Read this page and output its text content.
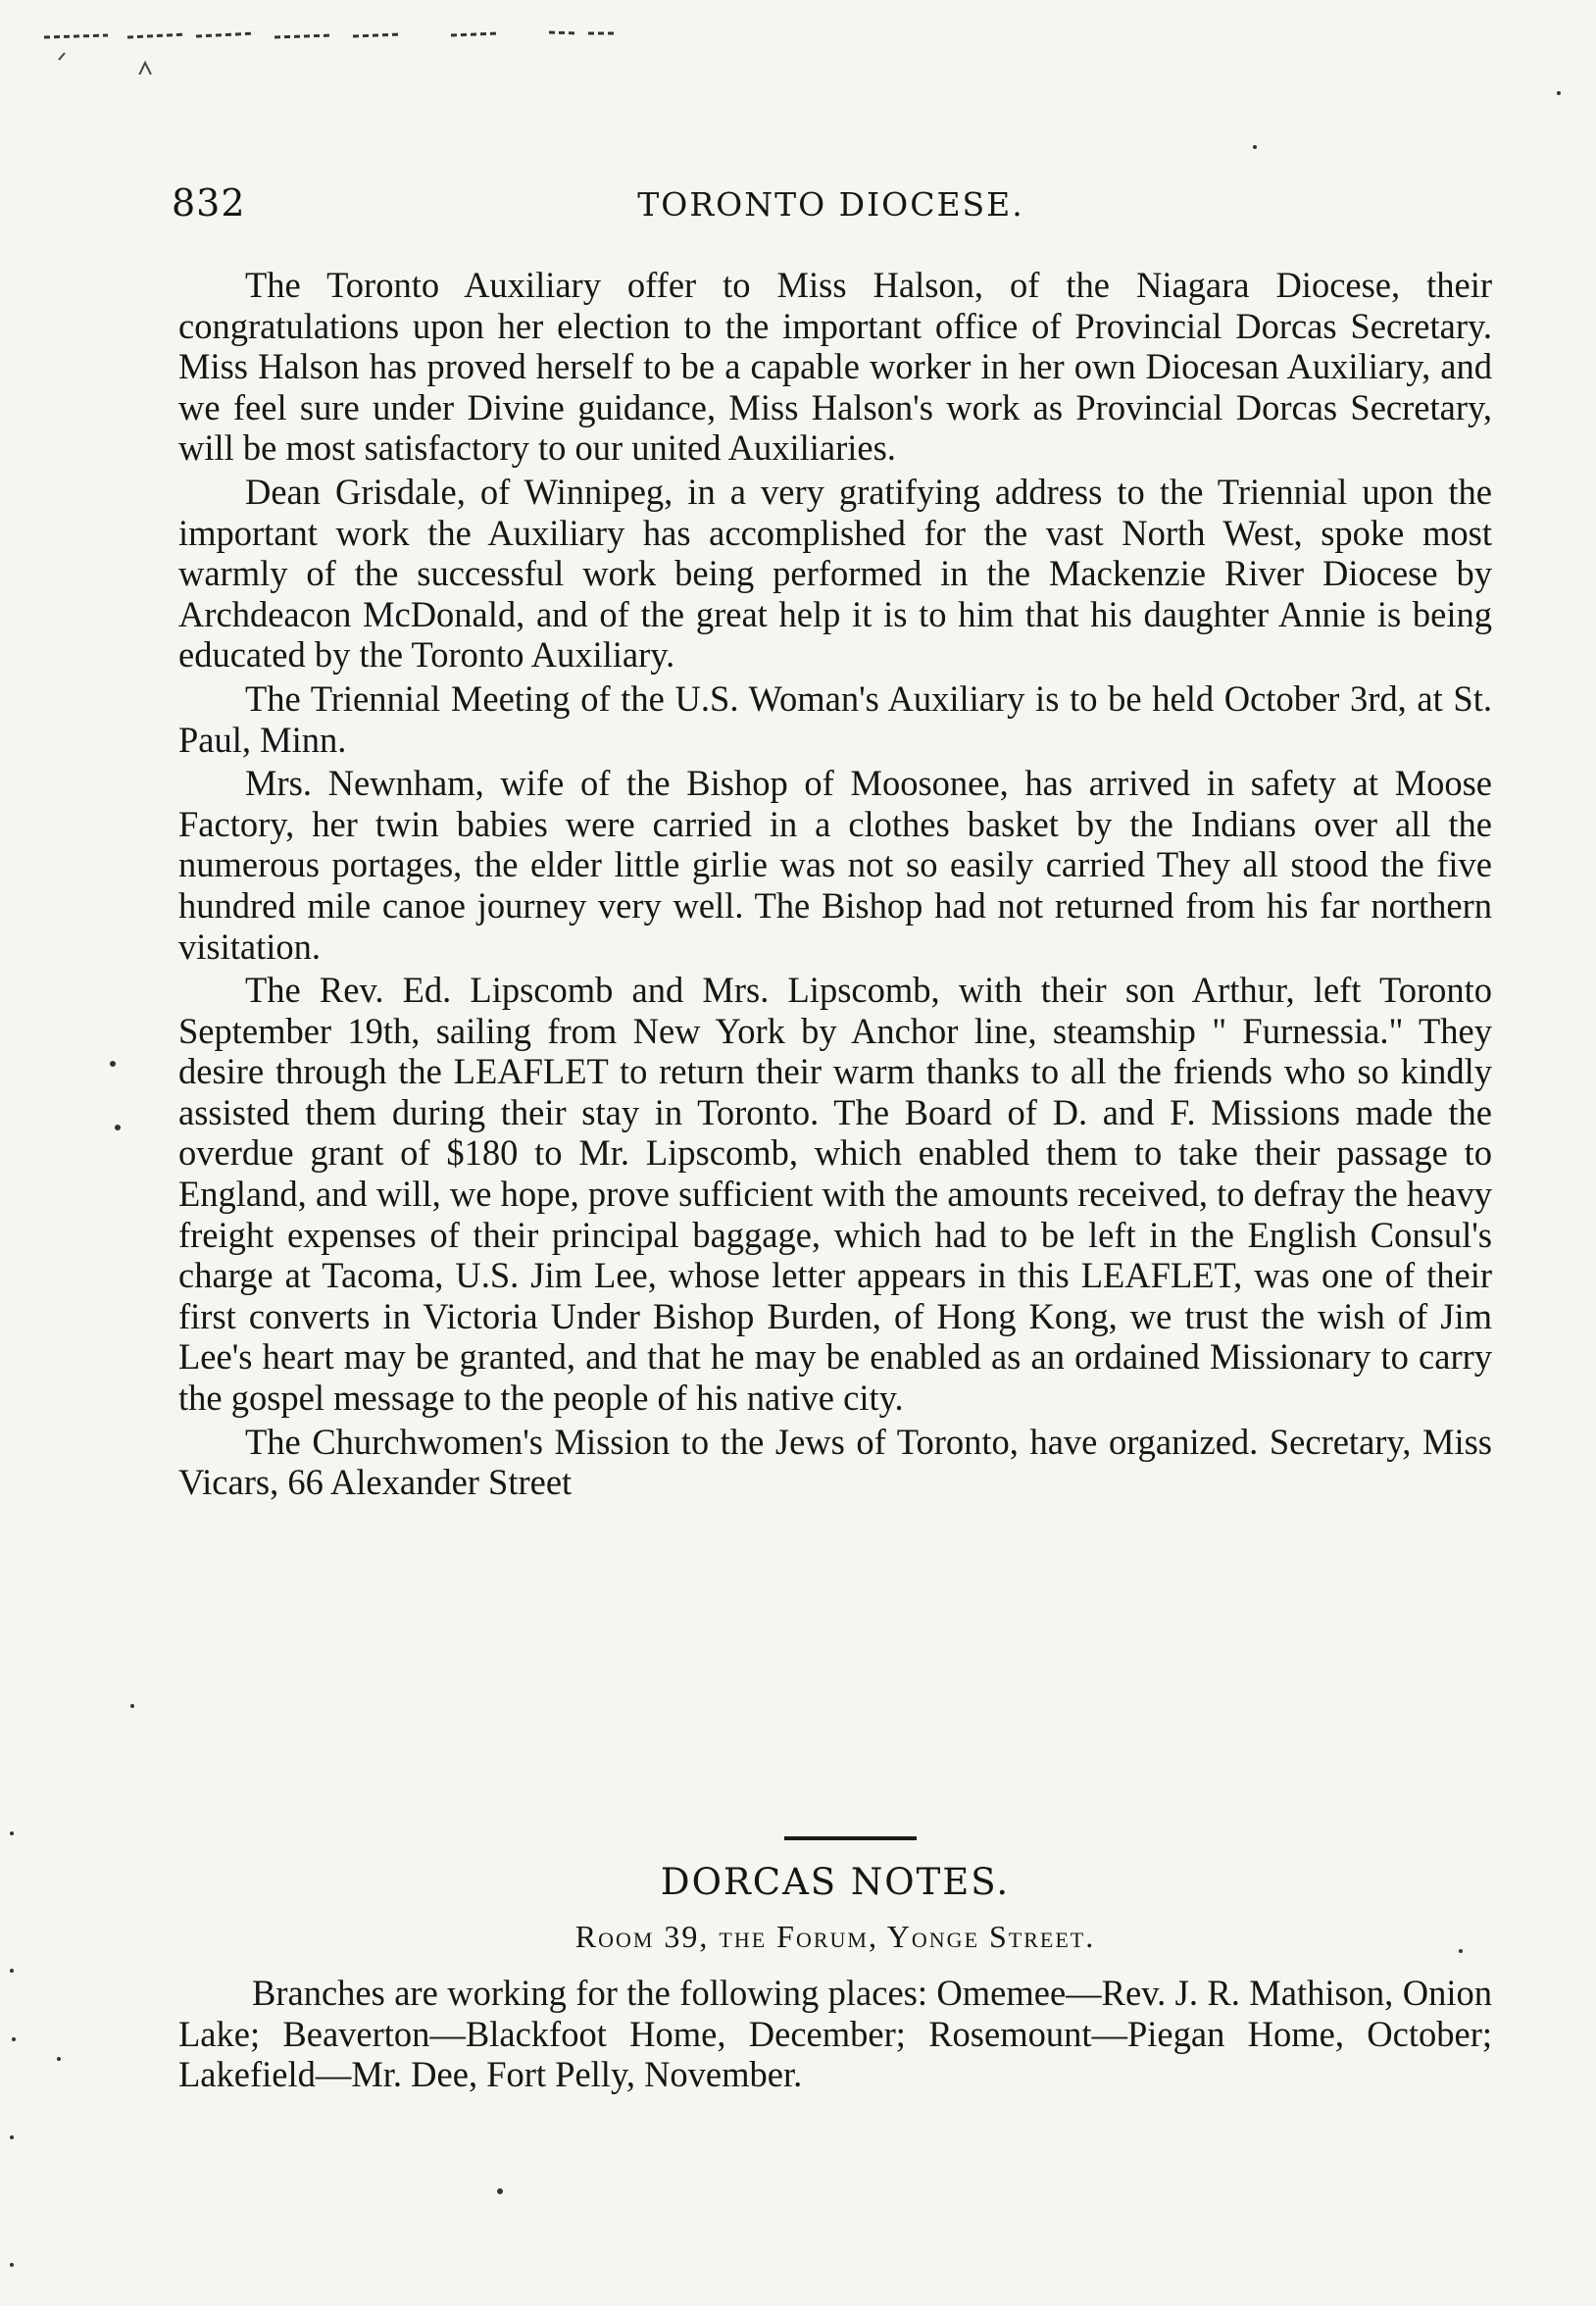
832	TORONTO DIOCESE.

The Toronto Auxiliary offer to Miss Halson, of the Niagara Diocese, their congratulations upon her election to the important office of Provincial Dorcas Secretary. Miss Halson has proved herself to be a capable worker in her own Diocesan Auxiliary, and we feel sure under Divine guidance, Miss Halson's work as Provincial Dorcas Secretary, will be most satisfactory to our united Auxiliaries.

Dean Grisdale, of Winnipeg, in a very gratifying address to the Triennial upon the important work the Auxiliary has accomplished for the vast North West, spoke most warmly of the successful work being performed in the Mackenzie River Diocese by Archdeacon McDonald, and of the great help it is to him that his daughter Annie is being educated by the Toronto Auxiliary.

The Triennial Meeting of the U.S. Woman's Auxiliary is to be held October 3rd, at St. Paul, Minn.

Mrs. Newnham, wife of the Bishop of Moosonee, has arrived in safety at Moose Factory, her twin babies were carried in a clothes basket by the Indians over all the numerous portages, the elder little girlie was not so easily carried They all stood the five hundred mile canoe journey very well. The Bishop had not returned from his far northern visitation.

The Rev. Ed. Lipscomb and Mrs. Lipscomb, with their son Arthur, left Toronto September 19th, sailing from New York by Anchor line, steamship " Furnessia." They desire through the LEAFLET to return their warm thanks to all the friends who so kindly assisted them during their stay in Toronto. The Board of D. and F. Missions made the overdue grant of $180 to Mr. Lipscomb, which enabled them to take their passage to England, and will, we hope, prove sufficient with the amounts received, to defray the heavy freight expenses of their principal baggage, which had to be left in the English Consul's charge at Tacoma, U.S. Jim Lee, whose letter appears in this LEAFLET, was one of their first converts in Victoria Under Bishop Burden, of Hong Kong, we trust the wish of Jim Lee's heart may be granted, and that he may be enabled as an ordained Missionary to carry the gospel message to the people of his native city.

The Churchwomen's Mission to the Jews of Toronto, have organized. Secretary, Miss Vicars, 66 Alexander Street

DORCAS NOTES.
Room 39, the Forum, Yonge Street.

Branches are working for the following places: Omemee—Rev. J. R. Mathison, Onion Lake; Beaverton—Blackfoot Home, December; Rosemount—Piegan Home, October; Lakefield—Mr. Dee, Fort Pelly, November.
